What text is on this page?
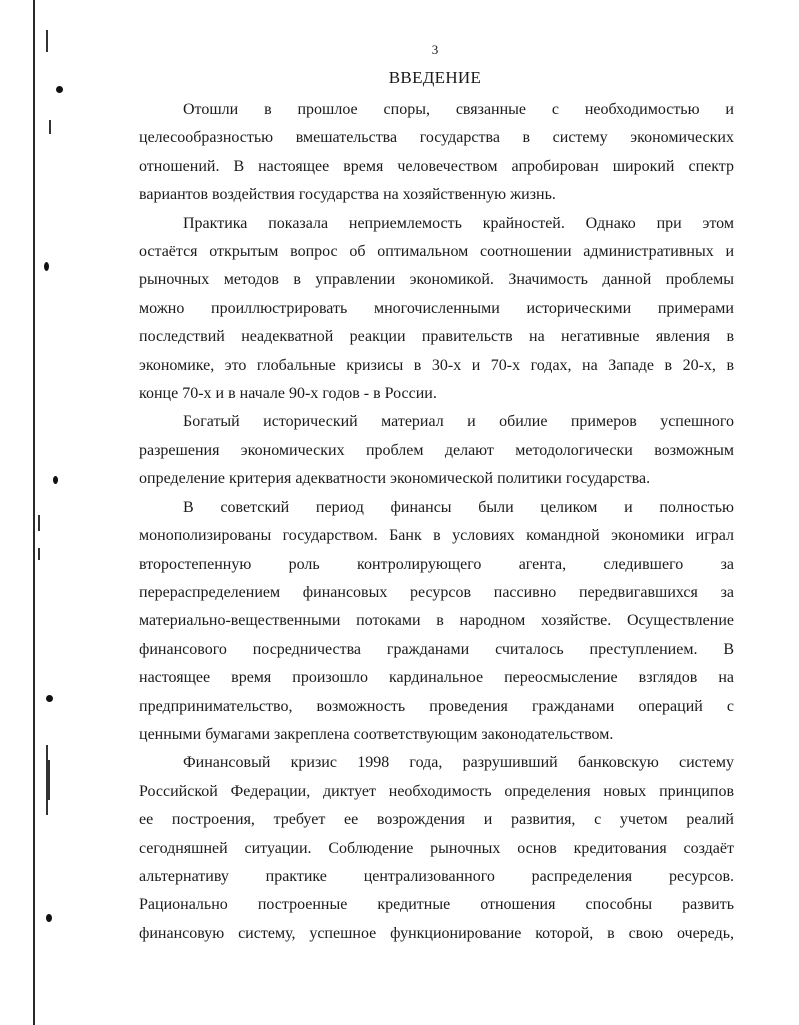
3
ВВЕДЕНИЕ

Отошли в прошлое споры, связанные с необходимостью и
целесообразностью вмешательства государства в систему экономических
отношений. В настоящее время человечеством апробирован широкий спектр
вариантов воздействия государства на хозяйственную жизнь.

Практика показала неприемлемость крайностей. Однако при этом
остаётся открытым вопрос об оптимальном соотношении административных и
рыночных методов в управлении экономикой. Значимость данной проблемы
можно проиллюстрировать многочисленными историческими примерами
последствий неадекватной реакции правительств на негативные явления в
экономике, это глобальные кризисы в 30-х и 70-х годах, на Западе в 20-х, в
конце 70-х и в начале 90-х годов - в России.

Богатый исторический материал и обилие примеров успешного
разрешения экономических проблем делают методологически возможным
определение критерия адекватности экономической политики государства.

В советский период финансы были целиком и полностью
монополизированы государством. Банк в условиях командной экономики играл
второстепенную роль контролирующего агента, следившего за
перераспределением финансовых ресурсов пассивно передвигавшихся за
материально-вещественными потоками в народном хозяйстве. Осуществление
финансового посредничества гражданами считалось преступлением. В
настоящее время произошло кардинальное переосмысление взглядов на
предпринимательство, возможность проведения гражданами операций с
ценными бумагами закреплена соответствующим законодательством.

Финансовый кризис 1998 года, разрушивший банковскую систему
Российской Федерации, диктует необходимость определения новых принципов
ее построения, требует ее возрождения и развития, с учетом реалий
сегодняшней ситуации. Соблюдение рыночных основ кредитования создаёт
альтернативу практике централизованного распределения ресурсов.
Рационально построенные кредитные отношения способны развить
финансовую систему, успешное функционирование которой, в свою очередь,
